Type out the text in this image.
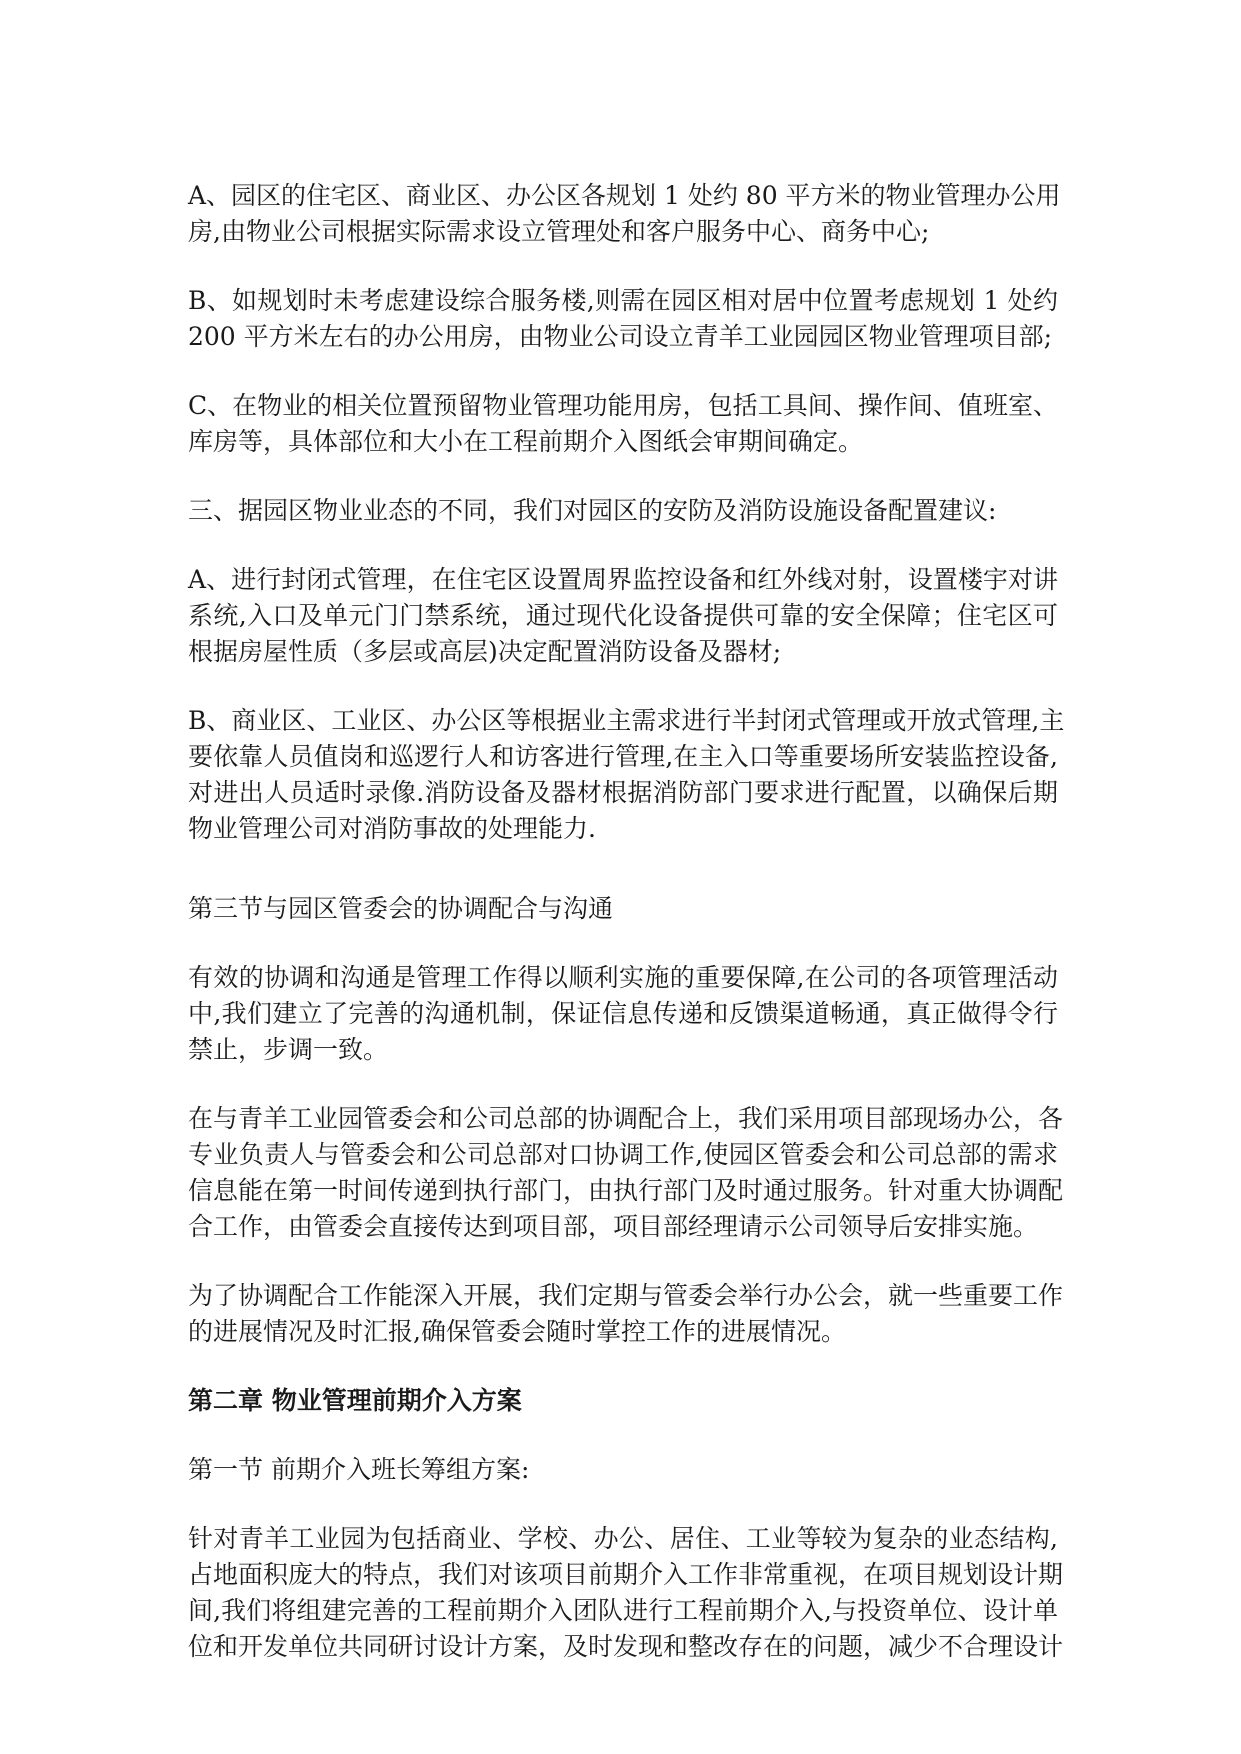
A、园区的住宅区、商业区、办公区各规划 1 处约 80 平方米的物业管理办公用
房,由物业公司根据实际需求设立管理处和客户服务中心、商务中心;

B、如规划时未考虑建设综合服务楼,则需在园区相对居中位置考虑规划 1 处约
200 平方米左右的办公用房，由物业公司设立青羊工业园园区物业管理项目部;

C、在物业的相关位置预留物业管理功能用房，包括工具间、操作间、值班室、
库房等，具体部位和大小在工程前期介入图纸会审期间确定。

三、据园区物业业态的不同，我们对园区的安防及消防设施设备配置建议:

A、进行封闭式管理，在住宅区设置周界监控设备和红外线对射，设置楼宇对讲
系统,入口及单元门门禁系统，通过现代化设备提供可靠的安全保障；住宅区可
根据房屋性质（多层或高层)决定配置消防设备及器材;

B、商业区、工业区、办公区等根据业主需求进行半封闭式管理或开放式管理,主
要依靠人员值岗和巡逻行人和访客进行管理,在主入口等重要场所安装监控设备,
对进出人员适时录像.消防设备及器材根据消防部门要求进行配置，以确保后期
物业管理公司对消防事故的处理能力.

第三节与园区管委会的协调配合与沟通

有效的协调和沟通是管理工作得以顺利实施的重要保障,在公司的各项管理活动
中,我们建立了完善的沟通机制，保证信息传递和反馈渠道畅通，真正做得令行
禁止，步调一致。

在与青羊工业园管委会和公司总部的协调配合上，我们采用项目部现场办公，各
专业负责人与管委会和公司总部对口协调工作,使园区管委会和公司总部的需求
信息能在第一时间传递到执行部门，由执行部门及时通过服务。针对重大协调配
合工作，由管委会直接传达到项目部，项目部经理请示公司领导后安排实施。

为了协调配合工作能深入开展，我们定期与管委会举行办公会，就一些重要工作
的进展情况及时汇报,确保管委会随时掌控工作的进展情况。

第二章 物业管理前期介入方案

第一节 前期介入班长筹组方案:

针对青羊工业园为包括商业、学校、办公、居住、工业等较为复杂的业态结构,
占地面积庞大的特点，我们对该项目前期介入工作非常重视，在项目规划设计期
间,我们将组建完善的工程前期介入团队进行工程前期介入,与投资单位、设计单
位和开发单位共同研讨设计方案，及时发现和整改存在的问题，减少不合理设计
